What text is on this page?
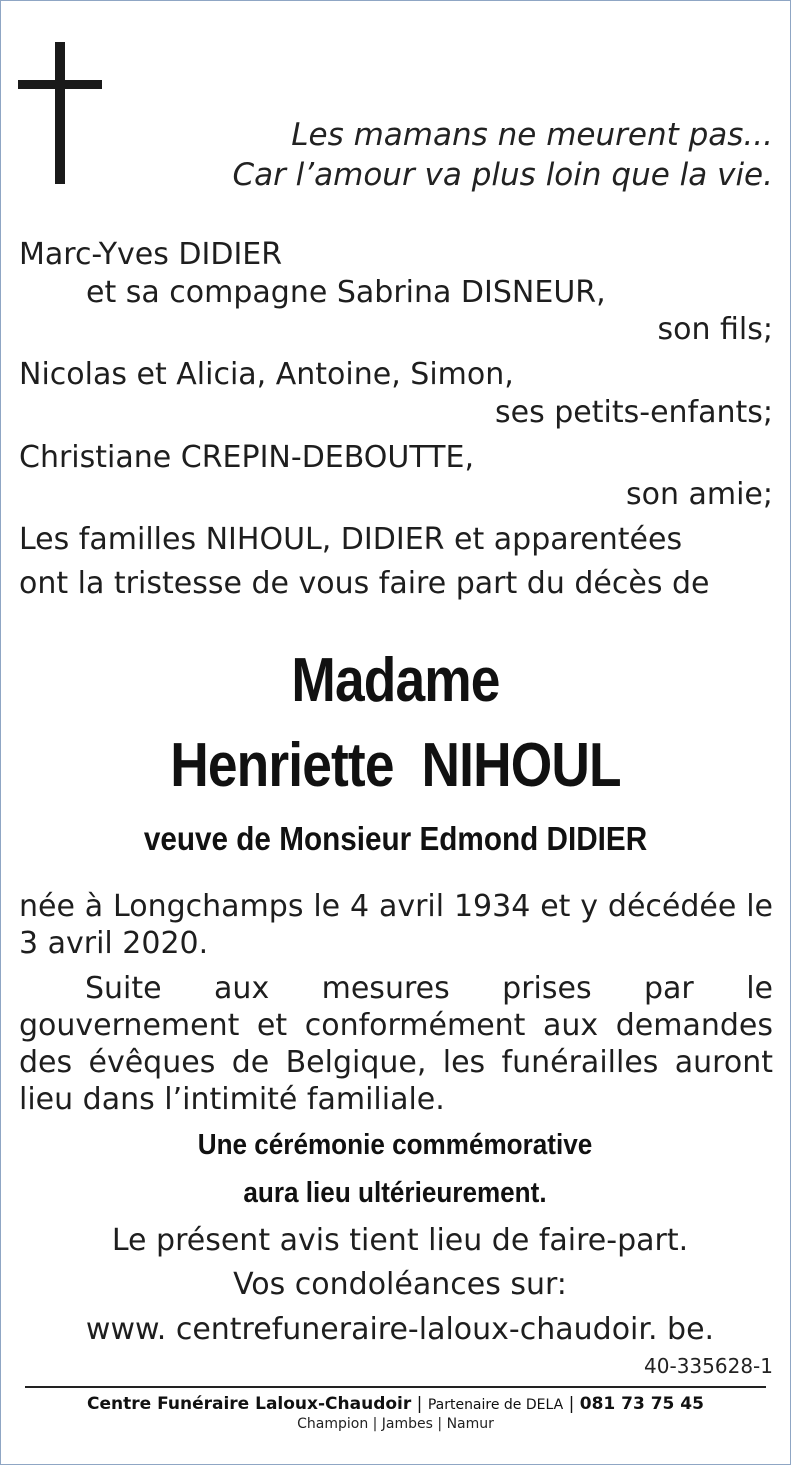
Les mamans ne meurent pas...
Car l’amour va plus loin que la vie.
Marc-Yves DIDIER
et sa compagne Sabrina DISNEUR,
son fils;
Nicolas et Alicia, Antoine, Simon,
ses petits-enfants;
Christiane CREPIN-DEBOUTTE,
son amie;
Les familles NIHOUL, DIDIER et apparentées
ont la tristesse de vous faire part du décès de
Madame
Henriette  NIHOUL
veuve de Monsieur Edmond DIDIER
née à Longchamps le 4 avril 1934 et y décédée le 3 avril 2020.
Suite aux mesures prises par le gouvernement et conformément aux demandes des évêques de Belgique, les funérailles auront lieu dans l’intimité familiale.
Une cérémonie commémorative
aura lieu ultérieurement.
Le présent avis tient lieu de faire-part.
Vos condoléances sur:
www. centrefuneraire-laloux-chaudoir. be.
40-335628-1
Centre Funéraire Laloux-Chaudoir | Partenaire de DELA | 081 73 75 45
Champion | Jambes | Namur
